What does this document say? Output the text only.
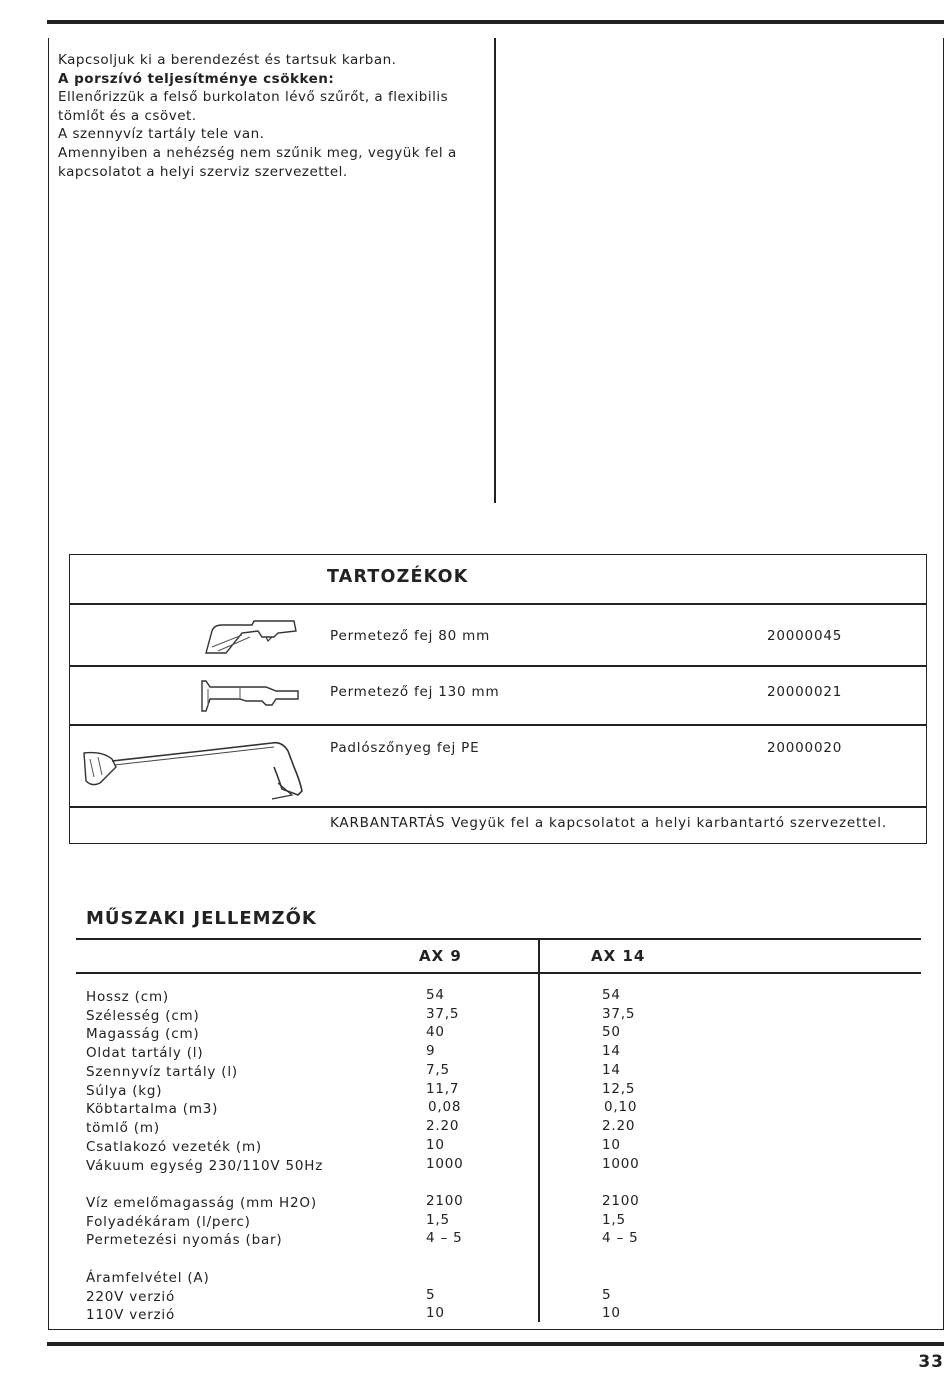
Kapcsoljuk ki a berendezést és tartsuk karban.
A porszívó teljesítménye csökken:
Ellenőrizzük a felső burkolaton lévő szűrőt, a flexibilis tömlőt és a csövet.
A szennyvíz tartály tele van.
Amennyiben a nehézség nem szűnik meg, vegyük fel a kapcsolatot a helyi szerviz szervezettel.
TARTOZÉKOK
Permetező fej 80 mm	20000045
Permetező fej 130 mm	20000021
Padlószőnyeg fej PE	20000020
KARBANTARTÁS Vegyük fel a kapcsolatot a helyi karbantartó szervezettel.
MŰSZAKI JELLEMZŐK
AX 9	AX 14
Hossz (cm)	54	54
Szélesség (cm)	37,5	37,5
Magasság (cm)	40	50
Oldat tartály (l)	9	14
Szennyvíz tartály (l)	7,5	14
Súlya (kg)	11,7	12,5
Köbtartalma (m3)	0,08	0,10
tömlő (m)	2.20	2.20
Csatlakozó vezeték (m)	10	10
Vákuum egység 230/110V 50Hz	1000	1000
Víz emelőmagasság (mm H2O)	2100	2100
Folyadékáram (l/perc)	1,5	1,5
Permetezési nyomás (bar)	4 – 5	4 – 5
Áramfelvétel (A)
220V verzió	5	5
110V verzió	10	10
33
